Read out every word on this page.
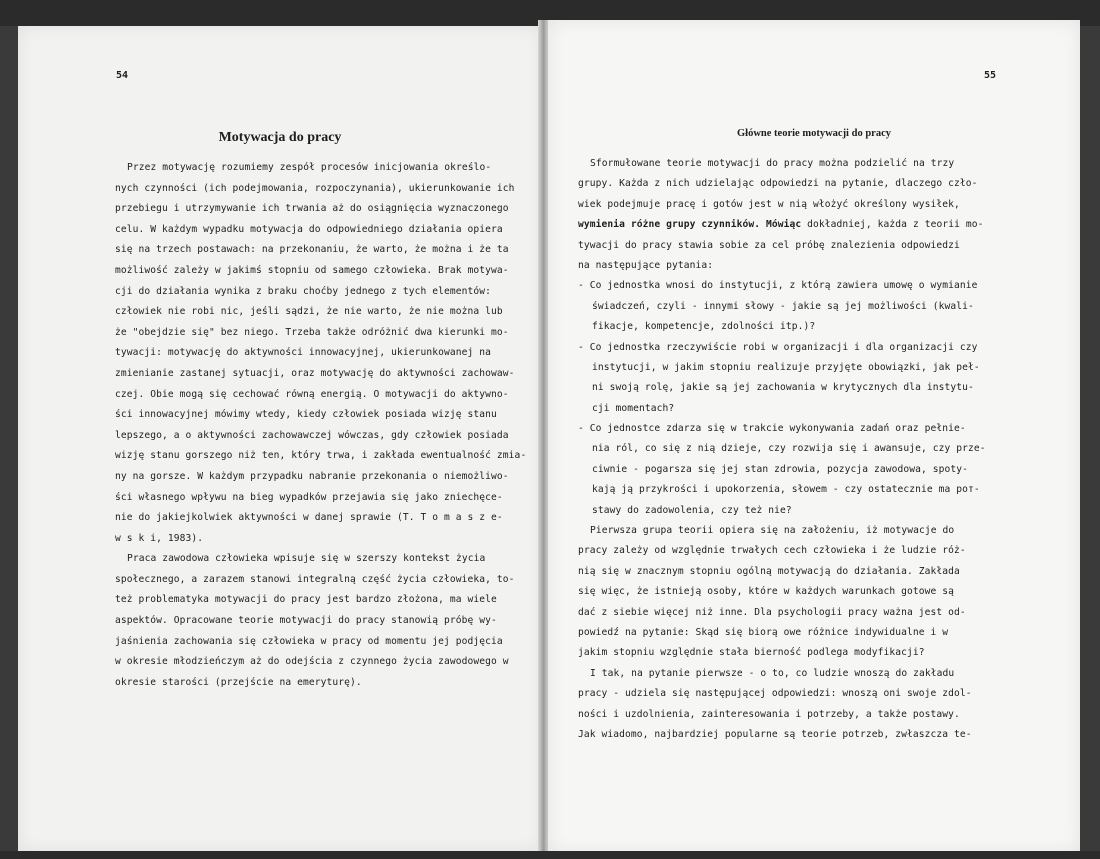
54
Motywacja do pracy
Przez motywację rozumiemy zespół procesów inicjowania określo-
nych czynności (ich podejmowania, rozpoczynania), ukierunkowanie ich
przebiegu i utrzymywanie ich trwania aż do osiągnięcia wyznaczonego
celu. W każdym wypadku motywacja do odpowiedniego działania opiera
się na trzech postawach: na przekonaniu, że warto, że można i że ta
możliwość zależy w jakimś stopniu od samego człowieka. Brak motywa-
cji do działania wynika z braku choćby jednego z tych elementów:
człowiek nie robi nic, jeśli sądzi, że nie warto, że nie można lub
że "obejdzie się" bez niego. Trzeba także odróżnić dwa kierunki mo-
tywacji: motywację do aktywności innowacyjnej, ukierunkowanej na
zmienianie zastanej sytuacji, oraz motywację do aktywności zachowaw-
czej. Obie mogą się cechować równą energią. O motywacji do aktywno-
ści innowacyjnej mówimy wtedy, kiedy człowiek posiada wizję stanu
lepszego, a o aktywności zachowawczej wówczas, gdy człowiek posiada
wizję stanu gorszego niż ten, który trwa, i zakłada ewentualność zmia-
ny na gorsze. W każdym przypadku nabranie przekonania o niemożliwo-
ści własnego wpływu na bieg wypadków przejawia się jako zniechęce-
nie do jakiejkolwiek aktywności w danej sprawie (T. T o m a s z e-
w s k i, 1983).
Praca zawodowa człowieka wpisuje się w szerszy kontekst życia
społecznego, a zarazem stanowi integralną część życia człowieka, to-
też problematyka motywacji do pracy jest bardzo złożona, ma wiele
aspektów. Opracowane teorie motywacji do pracy stanowią próbę wy-
jaśnienia zachowania się człowieka w pracy od momentu jej podjęcia
w okresie młodzieńczym aż do odejścia z czynnego życia zawodowego w
okresie starości (przejście na emeryturę).
55
Główne teorie motywacji do pracy
Sformułowane teorie motywacji do pracy można podzielić na trzy
grupy. Każda z nich udzielając odpowiedzi na pytanie, dlaczego czło-
wiek podejmuje pracę i gotów jest w nią włożyć określony wysiłek,
wymienia różne grupy czynników. Mówiąc dokładniej, każda z teorii mo-
tywacji do pracy stawia sobie za cel próbę znalezienia odpowiedzi
na następujące pytania:
- Co jednostka wnosi do instytucji, z którą zawiera umowę o wymianie
świadczeń, czyli - innymi słowy - jakie są jej możliwości (kwali-
fikacje, kompetencje, zdolności itp.)?
- Co jednostka rzeczywiście robi w organizacji i dla organizacji czy
instytucji, w jakim stopniu realizuje przyjęte obowiązki, jak peł-
ni swoją rolę, jakie są jej zachowania w krytycznych dla instytu-
cji momentach?
- Co jednostce zdarza się w trakcie wykonywania zadań oraz pełnie-
nia ról, co się z nią dzieje, czy rozwija się i awansuje, czy prze-
ciwnie - pogarsza się jej stan zdrowia, pozycja zawodowa, spoty-
kają ją przykrości i upokorzenia, słowem - czy ostatecznie ma poт-
stawy do zadowolenia, czy też nie?
Pierwsza grupa teorii opiera się na założeniu, iż motywacje do
pracy zależy od względnie trwałych cech człowieka i że ludzie róż-
nią się w znacznym stopniu ogólną motywacją do działania. Zakłada
się więc, że istnieją osoby, które w każdych warunkach gotowe są
dać z siebie więcej niż inne. Dla psychologii pracy ważna jest od-
powiedź na pytanie: Skąd się biorą owe różnice indywidualne i w
jakim stopniu względnie stała bierność podlega modyfikacji?
I tak, na pytanie pierwsze - o to, co ludzie wnoszą do zakładu
pracy - udziela się następującej odpowiedzi: wnoszą oni swoje zdol-
ności i uzdolnienia, zainteresowania i potrzeby, a także postawy.
Jak wiadomo, najbardziej popularne są teorie potrzeb, zwłaszcza te-
